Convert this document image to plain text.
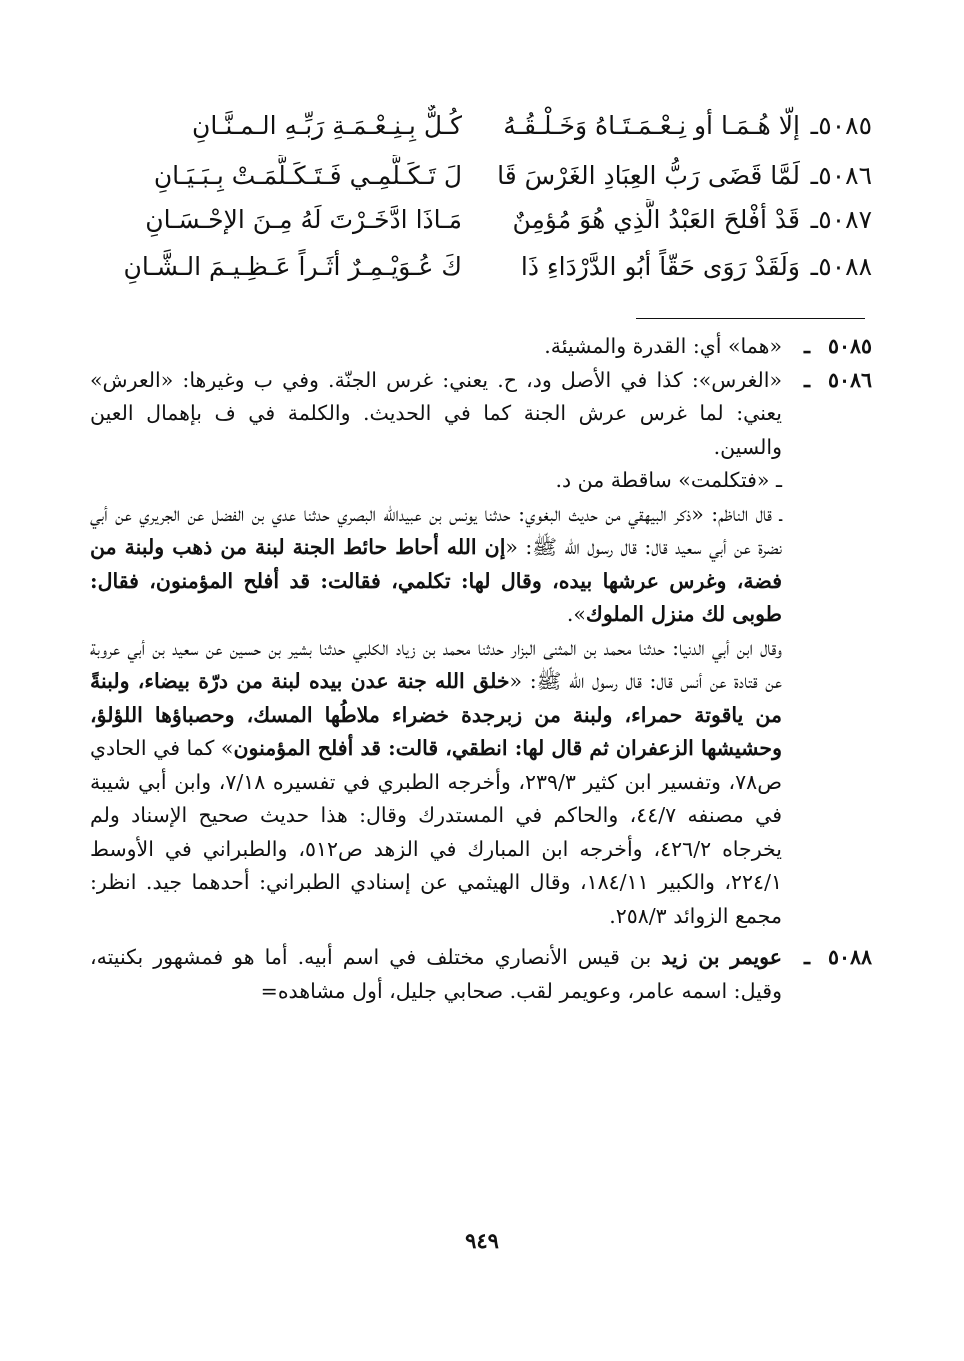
٥٠٨٥
ـ
إلّا هُـمَـا أو نِـعْـمَـتَـاهُ وَخَـلْـقُـهُ
كُـلٌّ بِـنِـعْـمَـةِ رَبِّـهِ الـمـنَّـانِ
٥٠٨٦
ـ
لَمَّا قَضَى رَبُّ العِبَادِ الغَرْسَ قَا
لَ تَـكَـلَّمِـي فَـتَـكَـلَّمَـتْ بِـبَـيَـانِ
٥٠٨٧
ـ
قَدْ أفْلحَ العَبْدُ الَّذِي هُوَ مُؤمِنٌ
مَـاذَا ادَّخَـرْتَ لَهُ مِـنَ الإحْـسَـانِ
٥٠٨٨
ـ
وَلَقَدْ رَوَى حَقّاً أبُو الدَّرْدَاءِ ذَا
كَ عُـوَيْـمِـرٌ أثَـراً عَـظِـيـمَ الـشَّـانِ
٥٠٨٥
ـ

«هما» أي: القدرة والمشيئة.

٥٠٨٦
ـ

«الغرس»: كذا في الأصل ود، ح. يعني: غرس الجنّة. وفي ب وغيرها: «العرش» يعني: لما غرس عرش الجنة كما في الحديث. والكلمة في ف بإهمال العين والسين.

ـ «فتكلمت» ساقطة من د.

ـ قال الناظم: «ذكر البيهقي من حديث البغوي: حدثنا يونس بن عبيدالله البصري حدثنا عدي بن الفضل عن الجريري عن أبي نضرة عن أبي سعيد قال: قال رسول الله ﷺ: «إن الله أحاط حائط الجنة لبنة من ذهب ولبنة من فضة، وغرس عرشها بيده، وقال لها: تكلمي، فقالت: قد أفلح المؤمنون، فقال: طوبى لك منزل الملوك».

وقال ابن أبي الدنيا: حدثنا محمد بن المثنى البزار حدثنا محمد بن زياد الكلبي حدثنا بشير بن حسين عن سعيد بن أبي عروبة عن قتادة عن أنس قال: قال رسول الله ﷺ: «خلق الله جنة عدن بيده لبنة من درّة بيضاء، ولبنةً من ياقوتة حمراء، ولبنة من زبرجدة خضراء ملاطُها المسك، وحصباؤها اللؤلؤ، وحشيشها الزعفران ثم قال لها: انطقي، قالت: قد أفلح المؤمنون» كما في الحادي ص٧٨، وتفسير ابن كثير ٢٣٩/٣، وأخرجه الطبري في تفسيره ٧/١٨، وابن أبي شيبة في مصنفه ٤٤/٧، والحاكم في المستدرك وقال: هذا حديث صحيح الإسناد ولم يخرجاه ٤٢٦/٢، وأخرجه ابن المبارك في الزهد ص٥١٢، والطبراني في الأوسط ٢٢٤/١، والكبير ١٨٤/١١، وقال الهيثمي عن إسنادي الطبراني: أحدهما جيد. انظر: مجمع الزوائد ٢٥٨/٣.

٥٠٨٨
ـ

عويمر بن زيد بن قيس الأنصاري مختلف في اسم أبيه. أما هو فمشهور بكنيته، وقيل: اسمه عامر، وعويمر لقب. صحابي جليل، أول مشاهده=

٩٤٩
